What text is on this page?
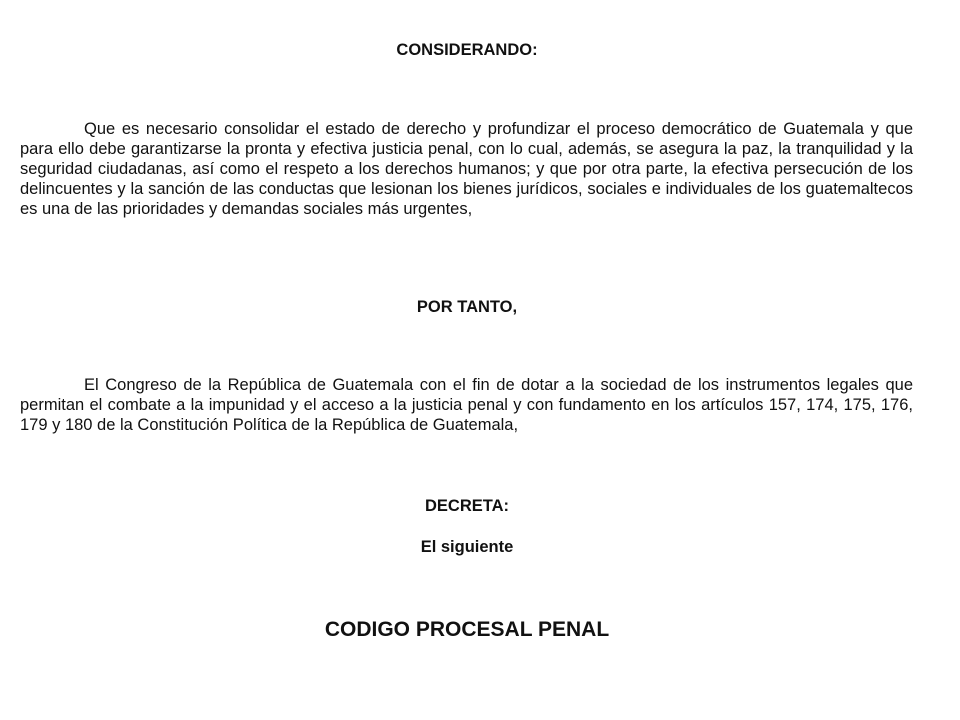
CONSIDERANDO:

Que es necesario consolidar el estado de derecho y profundizar el proceso democrático de Guatemala y que para ello debe garantizarse la pronta y efectiva justicia penal, con lo cual, además, se asegura la paz, la tranquilidad y la seguridad ciudadanas, así como el respeto a los derechos humanos; y que por otra parte, la efectiva persecución de los delincuentes y la sanción de las conductas que lesionan los bienes jurídicos, sociales e individuales de los guatemaltecos es una de las prioridades y demandas sociales más urgentes,

POR TANTO,

El Congreso de la República de Guatemala con el fin de dotar a la sociedad de los instrumentos legales que permitan el combate a la impunidad y el acceso a la justicia penal y con fundamento en los artículos 157, 174, 175, 176, 179 y 180 de la Constitución Política de la República de Guatemala,

DECRETA:
El siguiente
CODIGO PROCESAL PENAL
